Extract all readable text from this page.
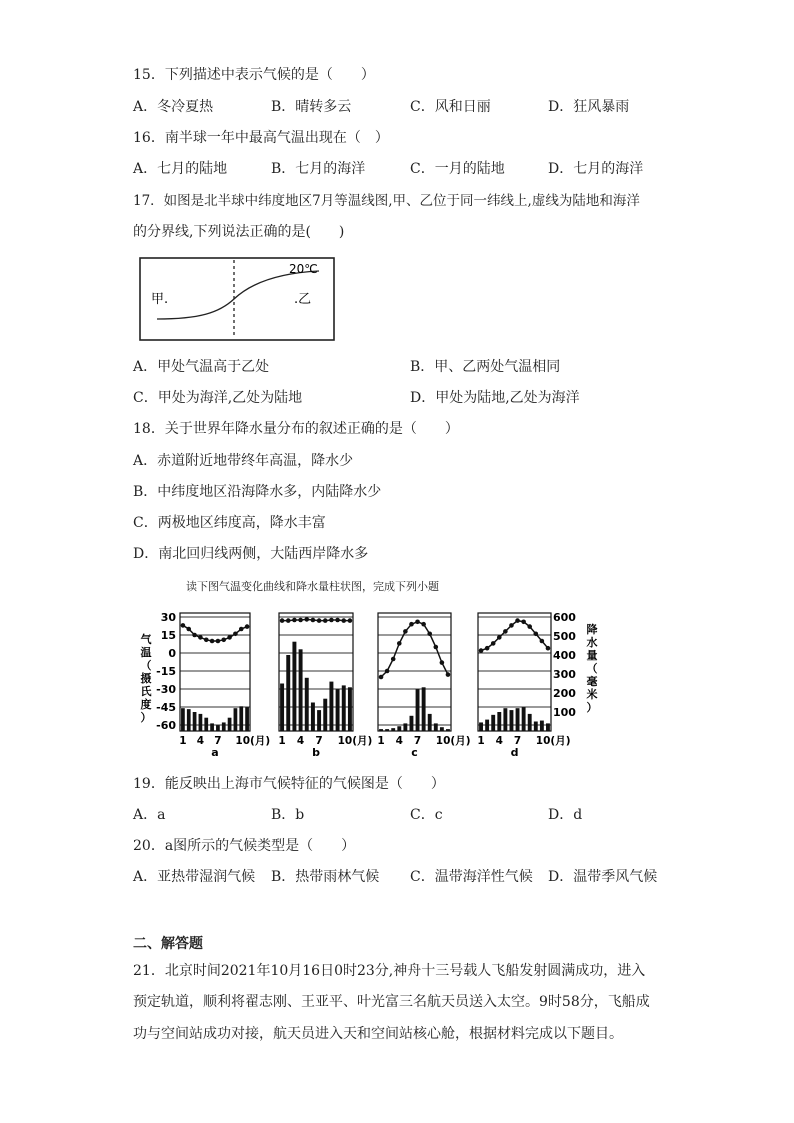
15．下列描述中表示气候的是（　　）
A．冬冷夏热	B．晴转多云	C．风和日丽	D．狂风暴雨
16．南半球一年中最高气温出现在（　）
A．七月的陆地	B．七月的海洋	C．一月的陆地	D．七月的海洋
17．如图是北半球中纬度地区7月等温线图,甲、乙位于同一纬线上,虚线为陆地和海洋
的分界线,下列说法正确的是(　　)
甲.	.乙
20℃
A．甲处气温高于乙处	B．甲、乙两处气温相同
C．甲处为海洋,乙处为陆地	D．甲处为陆地,乙处为海洋
18．关于世界年降水量分布的叙述正确的是（　　）
A．赤道附近地带终年高温，降水少
B．中纬度地区沿海降水多，内陆降水少
C．两极地区纬度高，降水丰富
D．南北回归线两侧，大陆西岸降水多
读下图气温变化曲线和降水量柱状图，完成下列小题
30
15
0
-15
-30
-45
-60
气
温
（
摄
氏
度
）
600
500
400
300
200
100
降
水
量
（
毫
米
）
1 4 7 10(月)
a
1 4 7 10(月)
b
1 4 7 10(月)
c
1 4 7 10(月)
d
19．能反映出上海市气候特征的气候图是（　　）
A．a	B．b	C．c	D．d
20．a图所示的气候类型是（　　）
A．亚热带湿润气候 B．热带雨林气候 C．温带海洋性气候 D．温带季风气候
二、解答题
21．北京时间2021年10月16日0时23分,神舟十三号载人飞船发射圆满成功，进入
预定轨道，顺利将翟志刚、王亚平、叶光富三名航天员送入太空。9时58分，飞船成
功与空间站成功对接，航天员进入天和空间站核心舱，根据材料完成以下题目。
